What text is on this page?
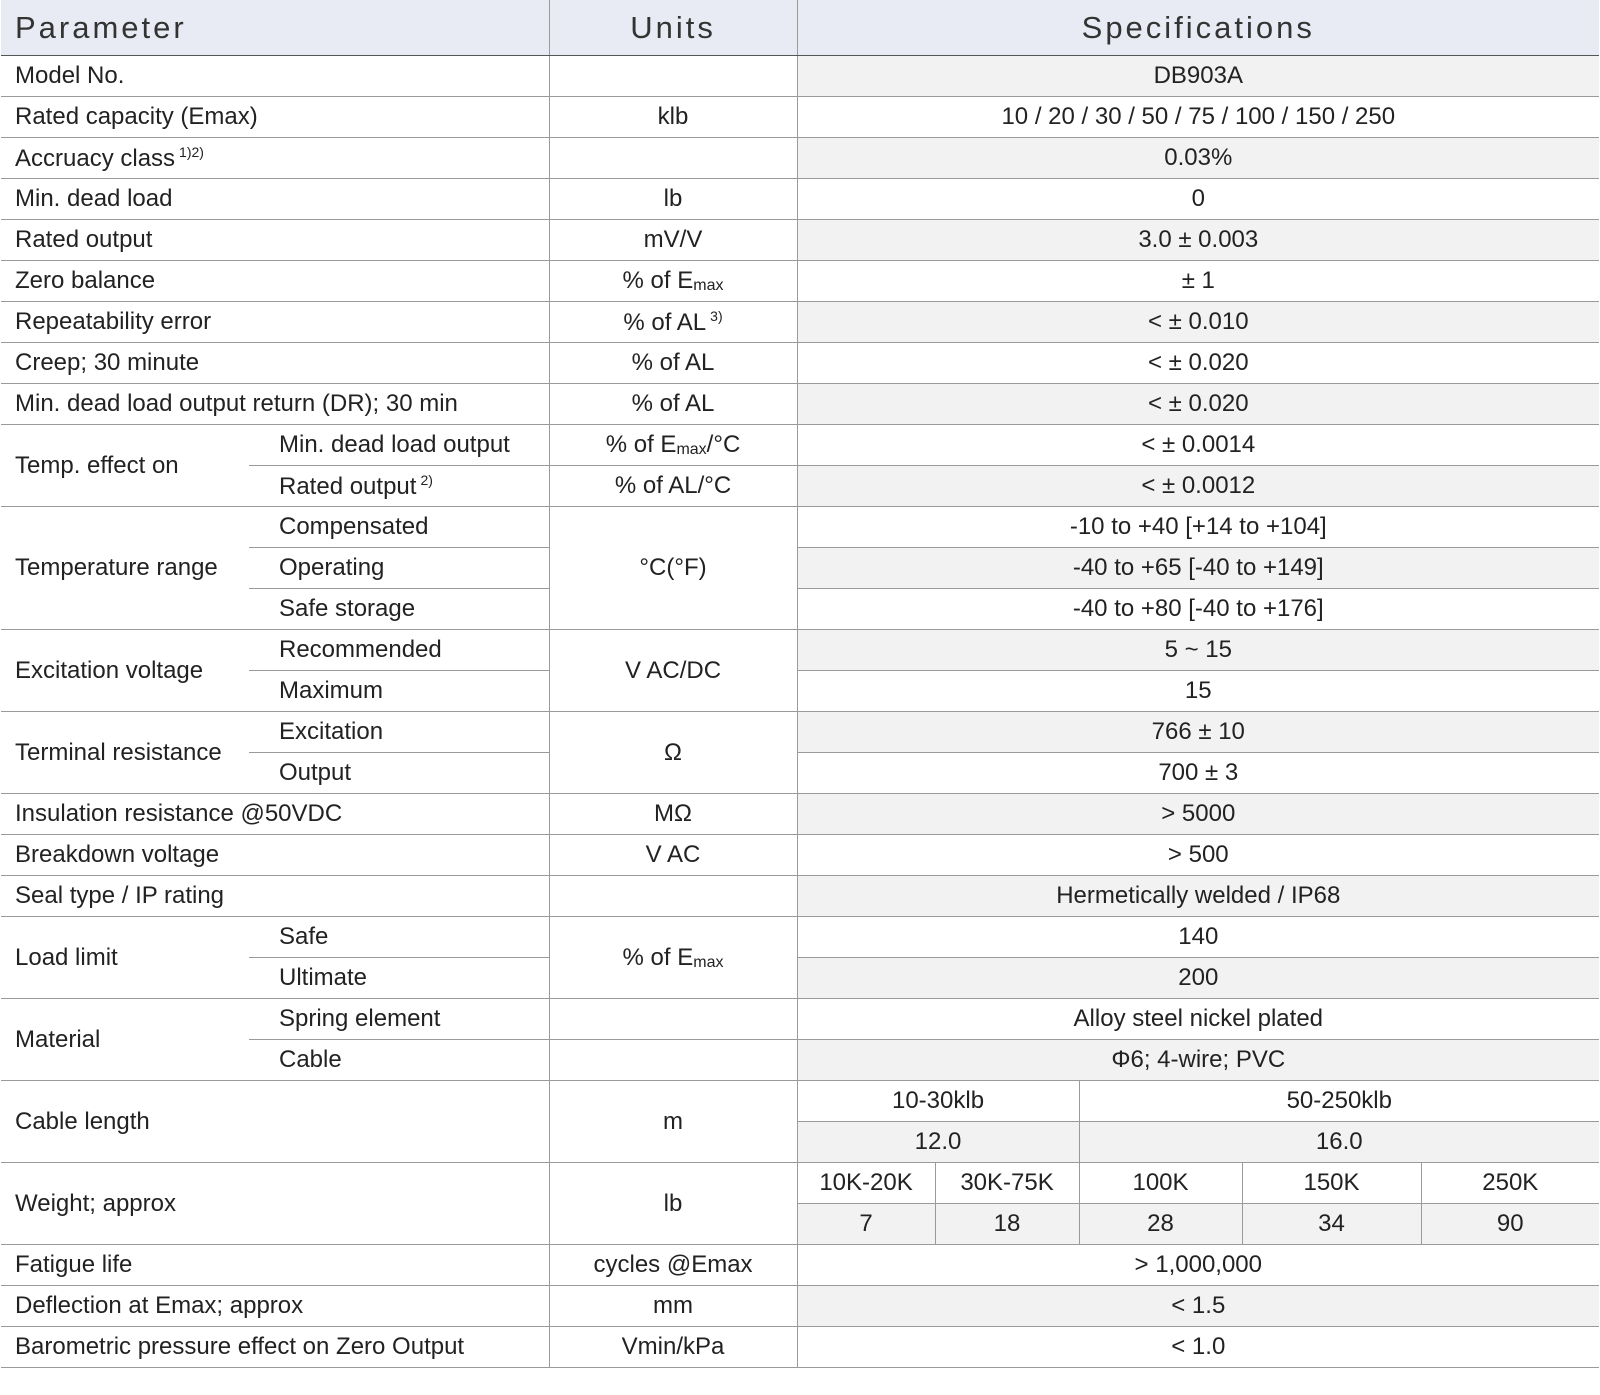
Parameter		Units	Specifications				
Model No.			DB903A				
Rated capacity (Emax)		klb	10 / 20 / 30 / 50 / 75 / 100 / 150 / 250				
Accruacy class $^{1)2)}$			0.03%				
Min. dead load		lb	0				
Rated output		mV/V	3.0 ± 0.003				
Zero balance		% of $E_{max}$	± 1				
Repeatability error		% of AL $^{3)}$	< ± 0.010				
Creep; 30 minute		% of AL	< ± 0.020				
Min. dead load output return (DR); 30 min		% of AL	< ± 0.020				
Temp. effect on	Min. dead load output	% of $E_{max}/^\circ C$	< ± 0.0014				
	Rated output $^{2)}$	% of AL/°C	< ± 0.0012				
Temperature range	Compensated	°C(°F)	-10 to +40 [+14 to +104]				
	Operating		-40 to +65 [-40 to +149]				
	Safe storage		-40 to +80 [-40 to +176]				
Excitation voltage	Recommended	V AC/DC	5 ~ 15				
	Maximum		15				
Terminal resistance	Excitation	Ω	766 ± 10				
	Output		700 ± 3				
Insulation resistance @50VDC		MΩ	> 5000				
Breakdown voltage		V AC	> 500				
Seal type / IP rating			Hermetically welded / IP68				
Load limit	Safe	% of $E_{max}$	140				
	Ultimate		200				
Material	Spring element		Alloy steel nickel plated				
	Cable		Φ6; 4-wire; PVC				
Cable length		m	10-30klb		50-250klb		
			12.0		16.0		
Weight; approx		lb	10K-20K	30K-75K	100K	150K	250K
			7	18	28	34	90
Fatigue life		cycles @Emax	> 1,000,000				
Deflection at Emax; approx		mm	< 1.5				
Barometric pressure effect on Zero Output		Vmin/kPa	< 1.0				
